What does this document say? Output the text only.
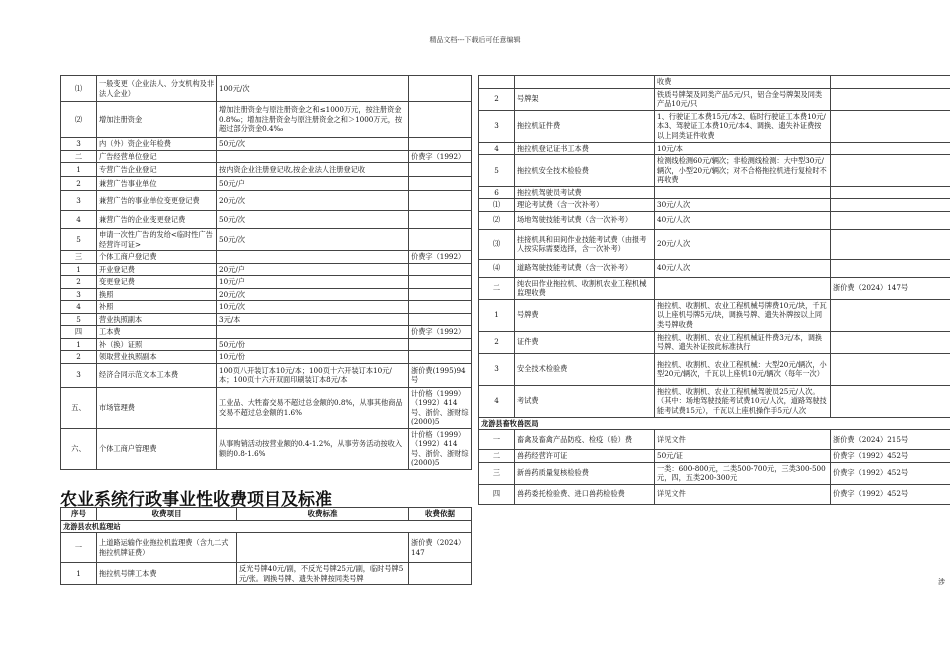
精品文档---下载后可任意编辑
⑴	一般变更（企业法人、分支机构及非法人企业）	100元/次	
⑵	增加注册资金	增加注册资金与原注册资金之和≤1000万元，按注册资金0.8‰；增加注册资金与原注册资金之和＞1000万元，按超过部分资金0.4‰	
3	内（外）资企业年检费	50元/次	
二	广告经营单位登记		价费字（1992）
1	专营广告企业登记	按内资企业注册登记收,按企业法人注册登记收	
2	兼营广告事业单位	50元/户	
3	兼营广告的事业单位变更登记费	20元/次	
4	兼营广告的企业变更登记费	50元/次	
5	申请一次性广告的发给<临时性广告经营许可证>	50元/次	
三	个体工商户登记费		价费字（1992）
1	开业登记费	20元/户	
2	变更登记费	10元/户	
3	换照	20元/次	
4	补照	10元/次	
5	营业执照副本	3元/本	
四	工本费		价费字（1992）
1	补（换）证照	50元/份	
2	领取营业执照副本	10元/份	
3	经济合同示范文本工本费	100页八开装订本10元/本；100页十六开装订本10元/本；100页十六开双面印刷装订本8元/本	浙价费(1995)94号
五、	市场管理费	工业品、大牲畜交易不超过总金额的0.8%，从事其他商品交易不超过总金额的1.6%	计价格（1999）（1992）414号、浙价、浙财综(2000)5
六、	个体工商户管理费	从事购销活动按营业额的0.4-1.2%，从事劳务活动按收入额的0.8-1.6%	计价格（1999）（1992）414号、浙价、浙财综(2000)5
农业系统行政事业性收费项目及标准
序号	收费项目	收费标准	收费依据
龙游县农机监理站			
一	上道路运输作业拖拉机监理费（含九二式拖拉机牌证费）		浙价费（2024）147
1	拖拉机号牌工本费	反光号牌40元/副，不反光号牌25元/副，临时号牌5元/张。调换号牌、遗失补牌按同类号牌	
		收费	
2	号牌架	铁质号牌架及同类产品5元/只，铝合金号牌架及同类产品10元/只	
3	拖拉机证件费	1、行驶证工本费15元/本2、临时行驶证工本费10元/本3、驾驶证工本费10元/本4、调换、遗失补证费按以上同类证件收费	
4	拖拉机登记证书工本费	10元/本	
5	拖拉机安全技术检验费	检测线检测60元/辆次；非检测线检测：大中型30元/辆次，小型20元/辆次；对不合格拖拉机进行复检时不再收费	
6	拖拉机驾驶员考试费		
⑴	理论考试费（含一次补考）	30元/人次	
⑵	场地驾驶技能考试费（含一次补考）	40元/人次	
⑶	挂接机具和田间作业技能考试费（由报考人按实际需要选择，含一次补考）	20元/人次	
⑷	道路驾驶技能考试费（含一次补考）	40元/人次	
二	纯农田作业拖拉机、收割机农业工程机械监理收费		浙价费（2024）147号
1	号牌费	拖拉机、收割机、农业工程机械号牌费10元/块，千瓦以上座机号牌5元/块，调换号牌、遗失补牌按以上同类号牌收费	
2	证件费	拖拉机、收割机、农业工程机械证件费3元/本，调换号牌、遗失补证按此标准执行	
3	安全技术检验费	拖拉机、收割机、农业工程机械：大型20元/辆次，小型20元/辆次，千瓦以上座机10元/辆次（每年一次）	
4	考试费	拖拉机、收割机、农业工程机械驾驶员25元/人次。（其中：场地驾驶技能考试费10元/人次，道路驾驶技能考试费15元），千瓦以上座机操作手5元/人次	
龙游县畜牧兽医局			
一	畜禽及畜禽产品防疫、检疫（验）费	详见文件	浙价费（2024）215号
二	兽药经营许可证	50元/证	价费字（1992）452号
三	新兽药质量复核检验费	一类：600-800元，二类500-700元，三类300-500元，四，五类200-300元	价费字（1992）452号
四	兽药委托检验费、进口兽药检验费	详见文件	价费字（1992）452号
涉
